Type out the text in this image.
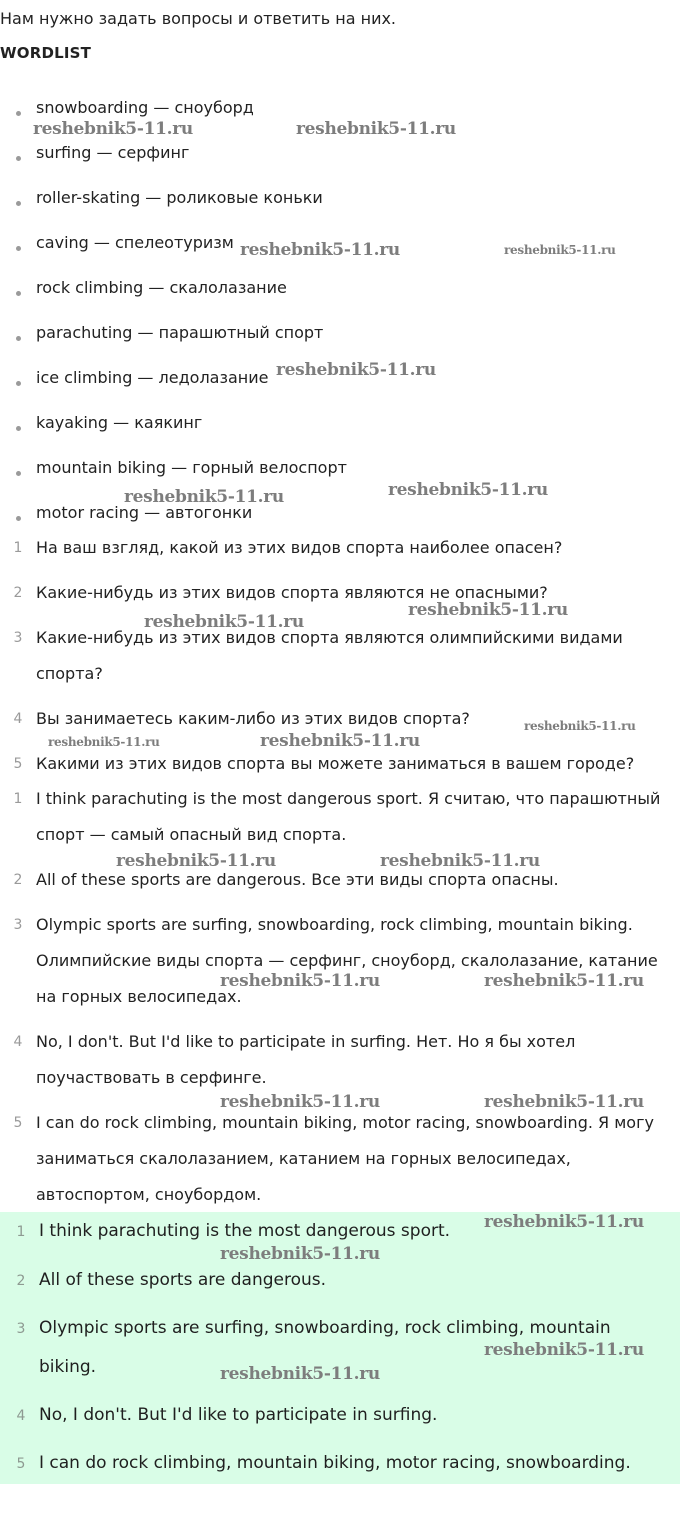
Нам нужно задать вопросы и ответить на них.
WORDLIST
snowboarding — сноуборд
surfing — серфинг
roller-skating — роликовые коньки
caving — спелеотуризм
rock climbing — скалолазание
parachuting — парашютный спорт
ice climbing — ледолазание
kayaking — каякинг
mountain biking — горный велоспорт
motor racing — автогонки
1 На ваш взгляд, какой из этих видов спорта наиболее опасен?
2 Какие-нибудь из этих видов спорта являются не опасными?
3 Какие-нибудь из этих видов спорта являются олимпийскими видами
спорта?
4 Вы занимаетесь каким-либо из этих видов спорта?
5 Какими из этих видов спорта вы можете заниматься в вашем городе?
1 I think parachuting is the most dangerous sport. Я считаю, что парашютный
спорт — самый опасный вид спорта.
2 All of these sports are dangerous. Все эти виды спорта опасны.
3 Olympic sports are surfing, snowboarding, rock climbing, mountain biking.
Олимпийские виды спорта — серфинг, сноуборд, скалолазание, катание
на горных велосипедах.
4 No, I don't. But I'd like to participate in surfing. Нет. Но я бы хотел
поучаствовать в серфинге.
5 I can do rock climbing, mountain biking, motor racing, snowboarding. Я могу
заниматься скалолазанием, катанием на горных велосипедах,
автоспортом, сноубордом.
1 I think parachuting is the most dangerous sport.
2 All of these sports are dangerous.
3 Olympic sports are surfing, snowboarding, rock climbing, mountain
biking.
4 No, I don't. But I'd like to participate in surfing.
5 I can do rock climbing, mountain biking, motor racing, snowboarding.
reshebnik5-11.ru	reshebnik5-11.ru
reshebnik5-11.ru	reshebnik5-11.ru
reshebnik5-11.ru
reshebnik5-11.ru	reshebnik5-11.ru
reshebnik5-11.ru
reshebnik5-11.ru
reshebnik5-11.ru
reshebnik5-11.ru	reshebnik5-11.ru
reshebnik5-11.ru	reshebnik5-11.ru
reshebnik5-11.ru	reshebnik5-11.ru
reshebnik5-11.ru	reshebnik5-11.ru
reshebnik5-11.ru
reshebnik5-11.ru
reshebnik5-11.ru
reshebnik5-11.ru
